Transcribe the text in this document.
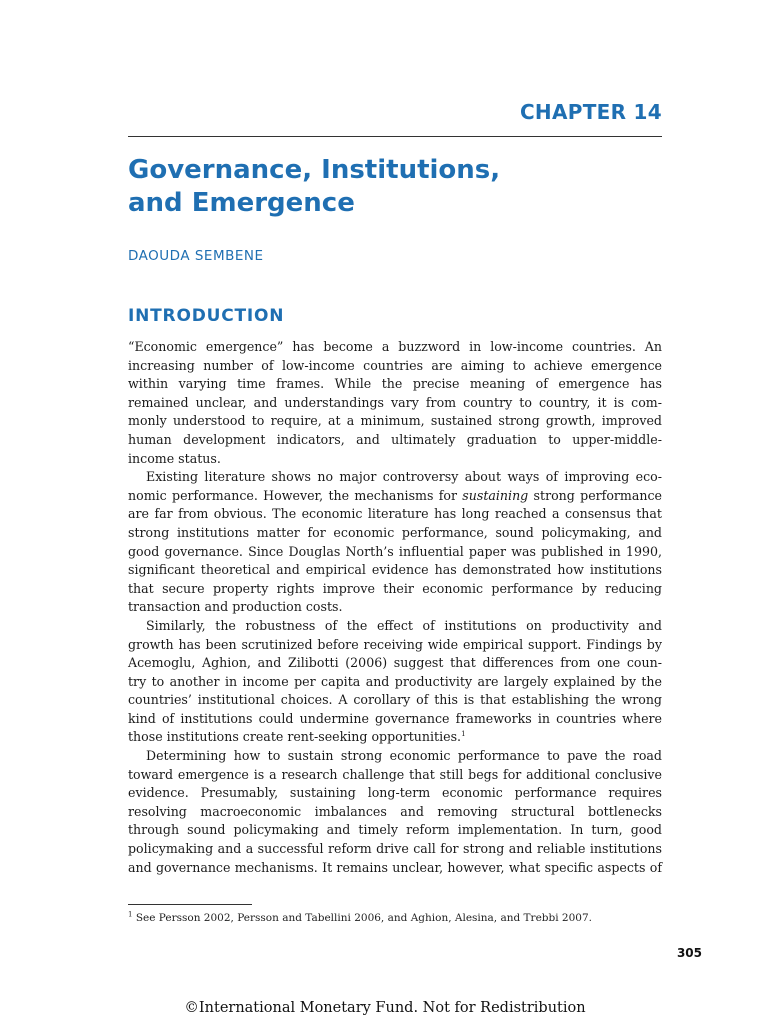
CHAPTER 14
Governance, Institutions,
and Emergence
DAOUDA SEMBENE
INTRODUCTION
“Economic emergence” has become a buzzword in low-income countries. An
increasing number of low-income countries are aiming to achieve emergence
within varying time frames. While the precise meaning of emergence has
remained unclear, and understandings vary from country to country, it is com-
monly understood to require, at a minimum, sustained strong growth, improved
human development indicators, and ultimately graduation to upper-middle-
income status.
Existing literature shows no major controversy about ways of improving eco-
nomic performance. However, the mechanisms for sustaining strong performance
are far from obvious. The economic literature has long reached a consensus that
strong institutions matter for economic performance, sound policymaking, and
good governance. Since Douglas North’s influential paper was published in 1990,
significant theoretical and empirical evidence has demonstrated how institutions
that secure property rights improve their economic performance by reducing
transaction and production costs.
Similarly, the robustness of the effect of institutions on productivity and
growth has been scrutinized before receiving wide empirical support. Findings by
Acemoglu, Aghion, and Zilibotti (2006) suggest that differences from one coun-
try to another in income per capita and productivity are largely explained by the
countries’ institutional choices. A corollary of this is that establishing the wrong
kind of institutions could undermine governance frameworks in countries where
those institutions create rent-seeking opportunities.$^1$
Determining how to sustain strong economic performance to pave the road
toward emergence is a research challenge that still begs for additional conclusive
evidence. Presumably, sustaining long-term economic performance requires
resolving macroeconomic imbalances and removing structural bottlenecks
through sound policymaking and timely reform implementation. In turn, good
policymaking and a successful reform drive call for strong and reliable institutions
and governance mechanisms. It remains unclear, however, what specific aspects of
$^1$ See Persson 2002, Persson and Tabellini 2006, and Aghion, Alesina, and Trebbi 2007.
305
©International Monetary Fund. Not for Redistribution
